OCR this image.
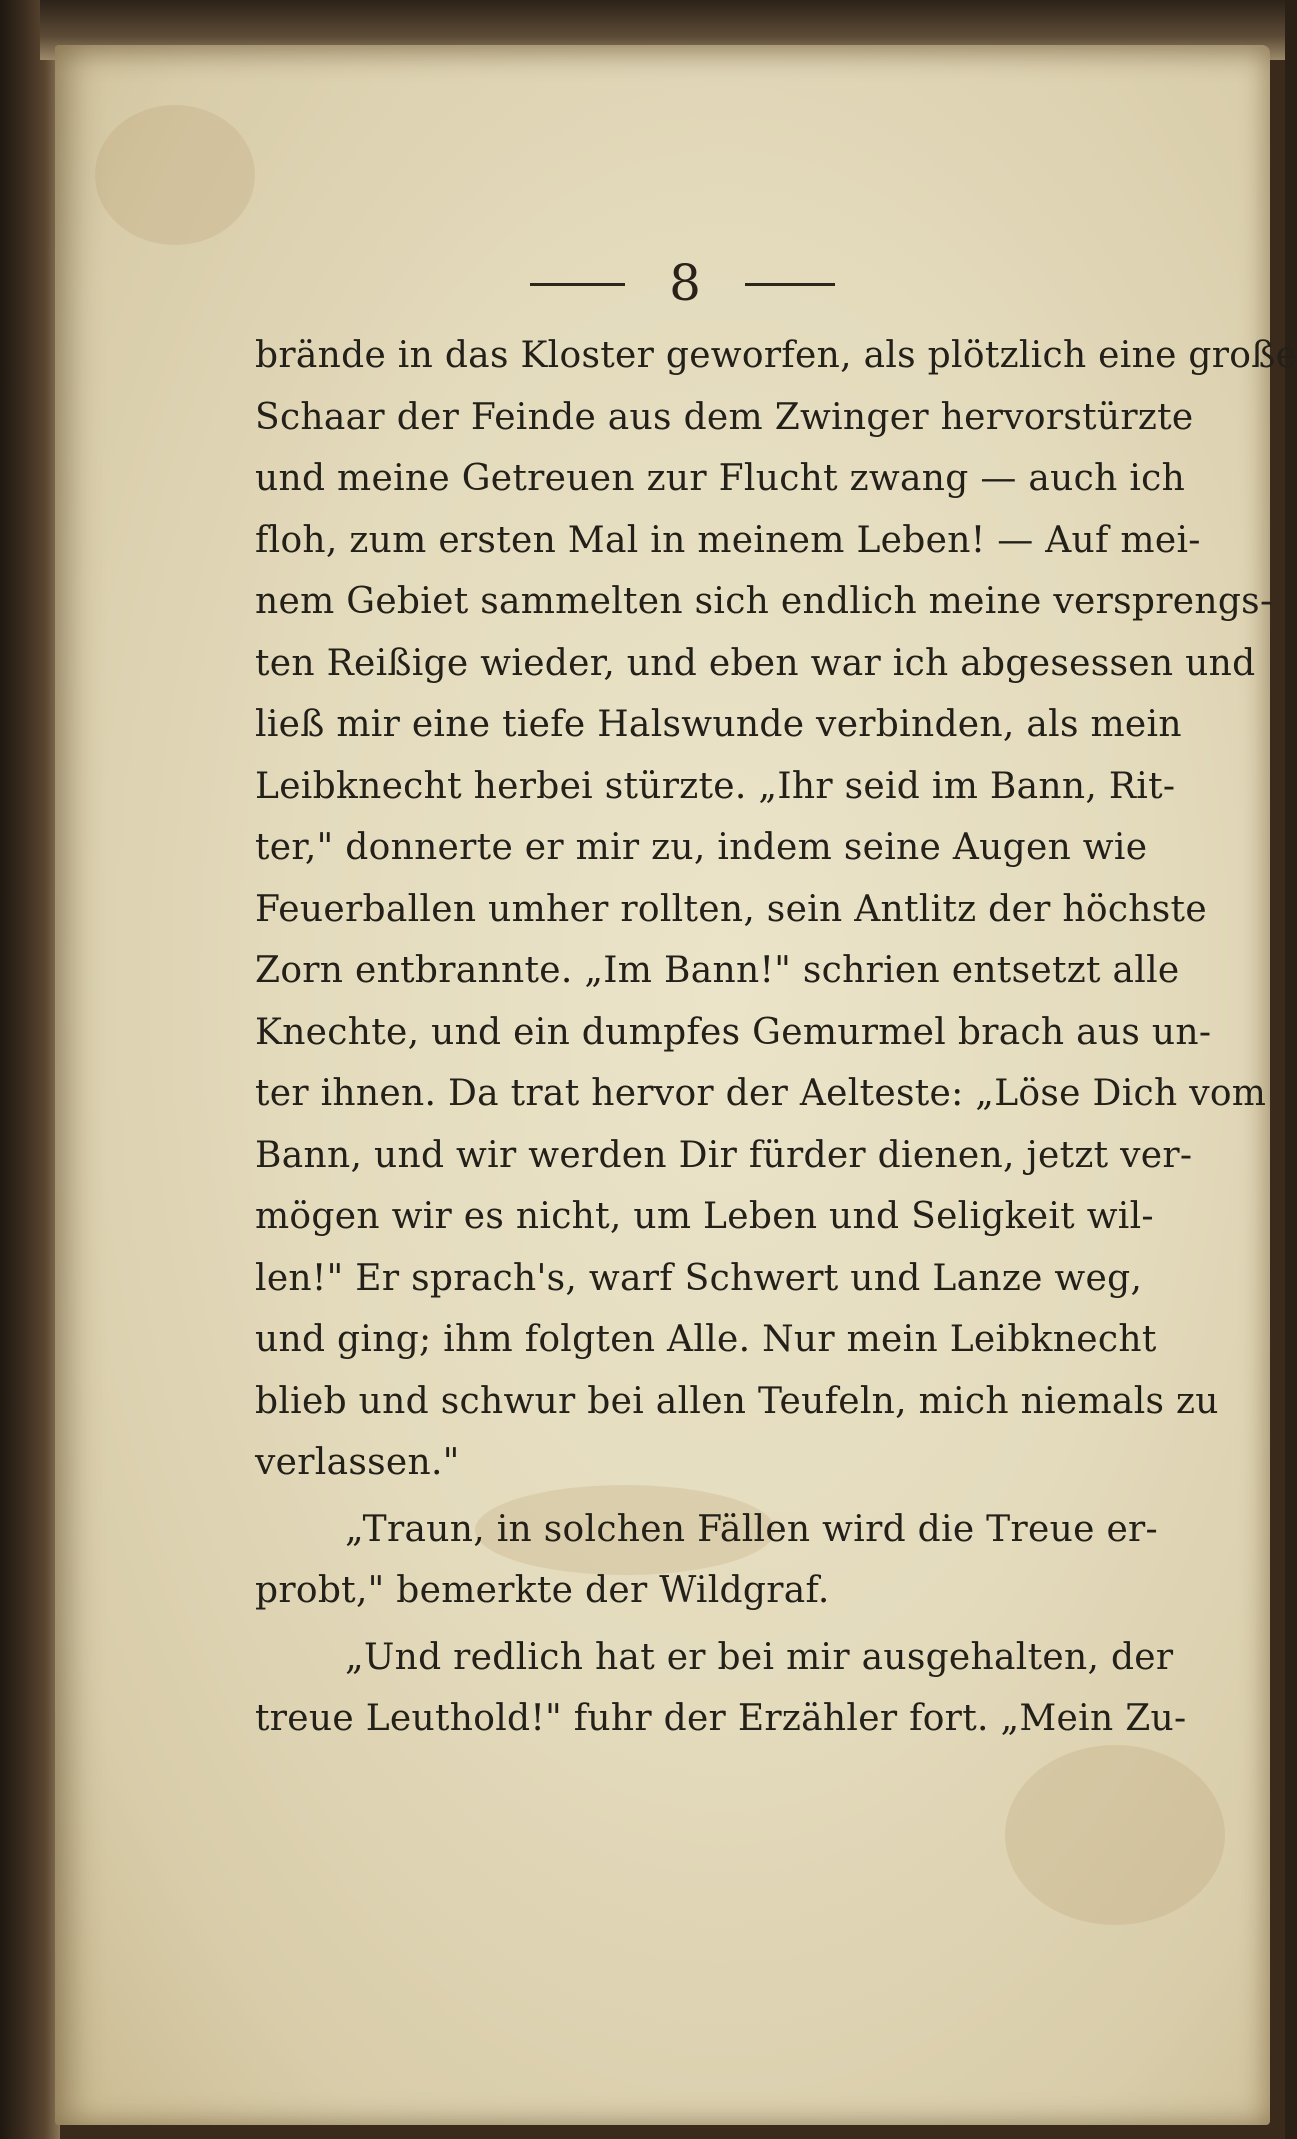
8
brände in das Kloster geworfen, als plötzlich eine große
Schaar der Feinde aus dem Zwinger hervorstürzte
und meine Getreuen zur Flucht zwang — auch ich
floh, zum ersten Mal in meinem Leben! — Auf mei-
nem Gebiet sammelten sich endlich meine versprengs-
ten Reißige wieder, und eben war ich abgesessen und
ließ mir eine tiefe Halswunde verbinden, als mein
Leibknecht herbei stürzte. „Ihr seid im Bann, Rit-
ter," donnerte er mir zu, indem seine Augen wie
Feuerballen umher rollten, sein Antlitz der höchste
Zorn entbrannte. „Im Bann!" schrien entsetzt alle
Knechte, und ein dumpfes Gemurmel brach aus un-
ter ihnen. Da trat hervor der Aelteste: „Löse Dich vom
Bann, und wir werden Dir fürder dienen, jetzt ver-
mögen wir es nicht, um Leben und Seligkeit wil-
len!" Er sprach's, warf Schwert und Lanze weg,
und ging; ihm folgten Alle. Nur mein Leibknecht
blieb und schwur bei allen Teufeln, mich niemals zu
verlassen."
„Traun, in solchen Fällen wird die Treue er-
probt," bemerkte der Wildgraf.
„Und redlich hat er bei mir ausgehalten, der
treue Leuthold!" fuhr der Erzähler fort. „Mein Zu-
